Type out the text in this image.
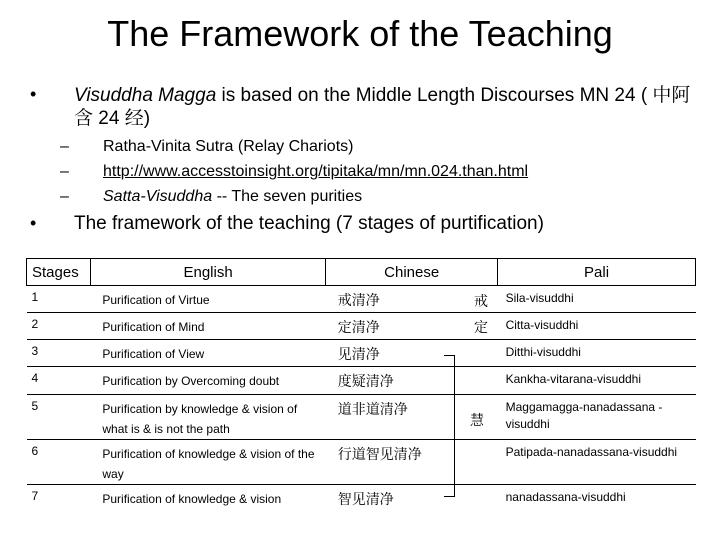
The Framework of the Teaching
• Visuddha Magga is based on the Middle Length Discourses MN 24 ( 中阿含 24 经)
– Ratha-Vinita Sutra (Relay Chariots)
– http://www.accesstoinsight.org/tipitaka/mn/mn.024.than.html
– Satta-Visuddha -- The seven purities
• The framework of the teaching (7 stages of purtification)
Stages	English	Chinese	Pali
1	Purification of Virtue	戒清净	Sila-visuddhi
2	Purification of Mind	定清净	Citta-visuddhi
3	Purification of View	见清净	Ditthi-visuddhi
4	Purification by Overcoming doubt	度疑清净	Kankha-vitarana-visuddhi
5	Purification by knowledge & vision of what is & is not the path	道非道清净	Maggamagga-nanadassana -visuddhi
6	Purification of knowledge & vision of the way	行道智见清净	Patipada-nanadassana-visuddhi
7	Purification of knowledge & vision	智见清净	nanadassana-visuddhi
戒
定
慧
